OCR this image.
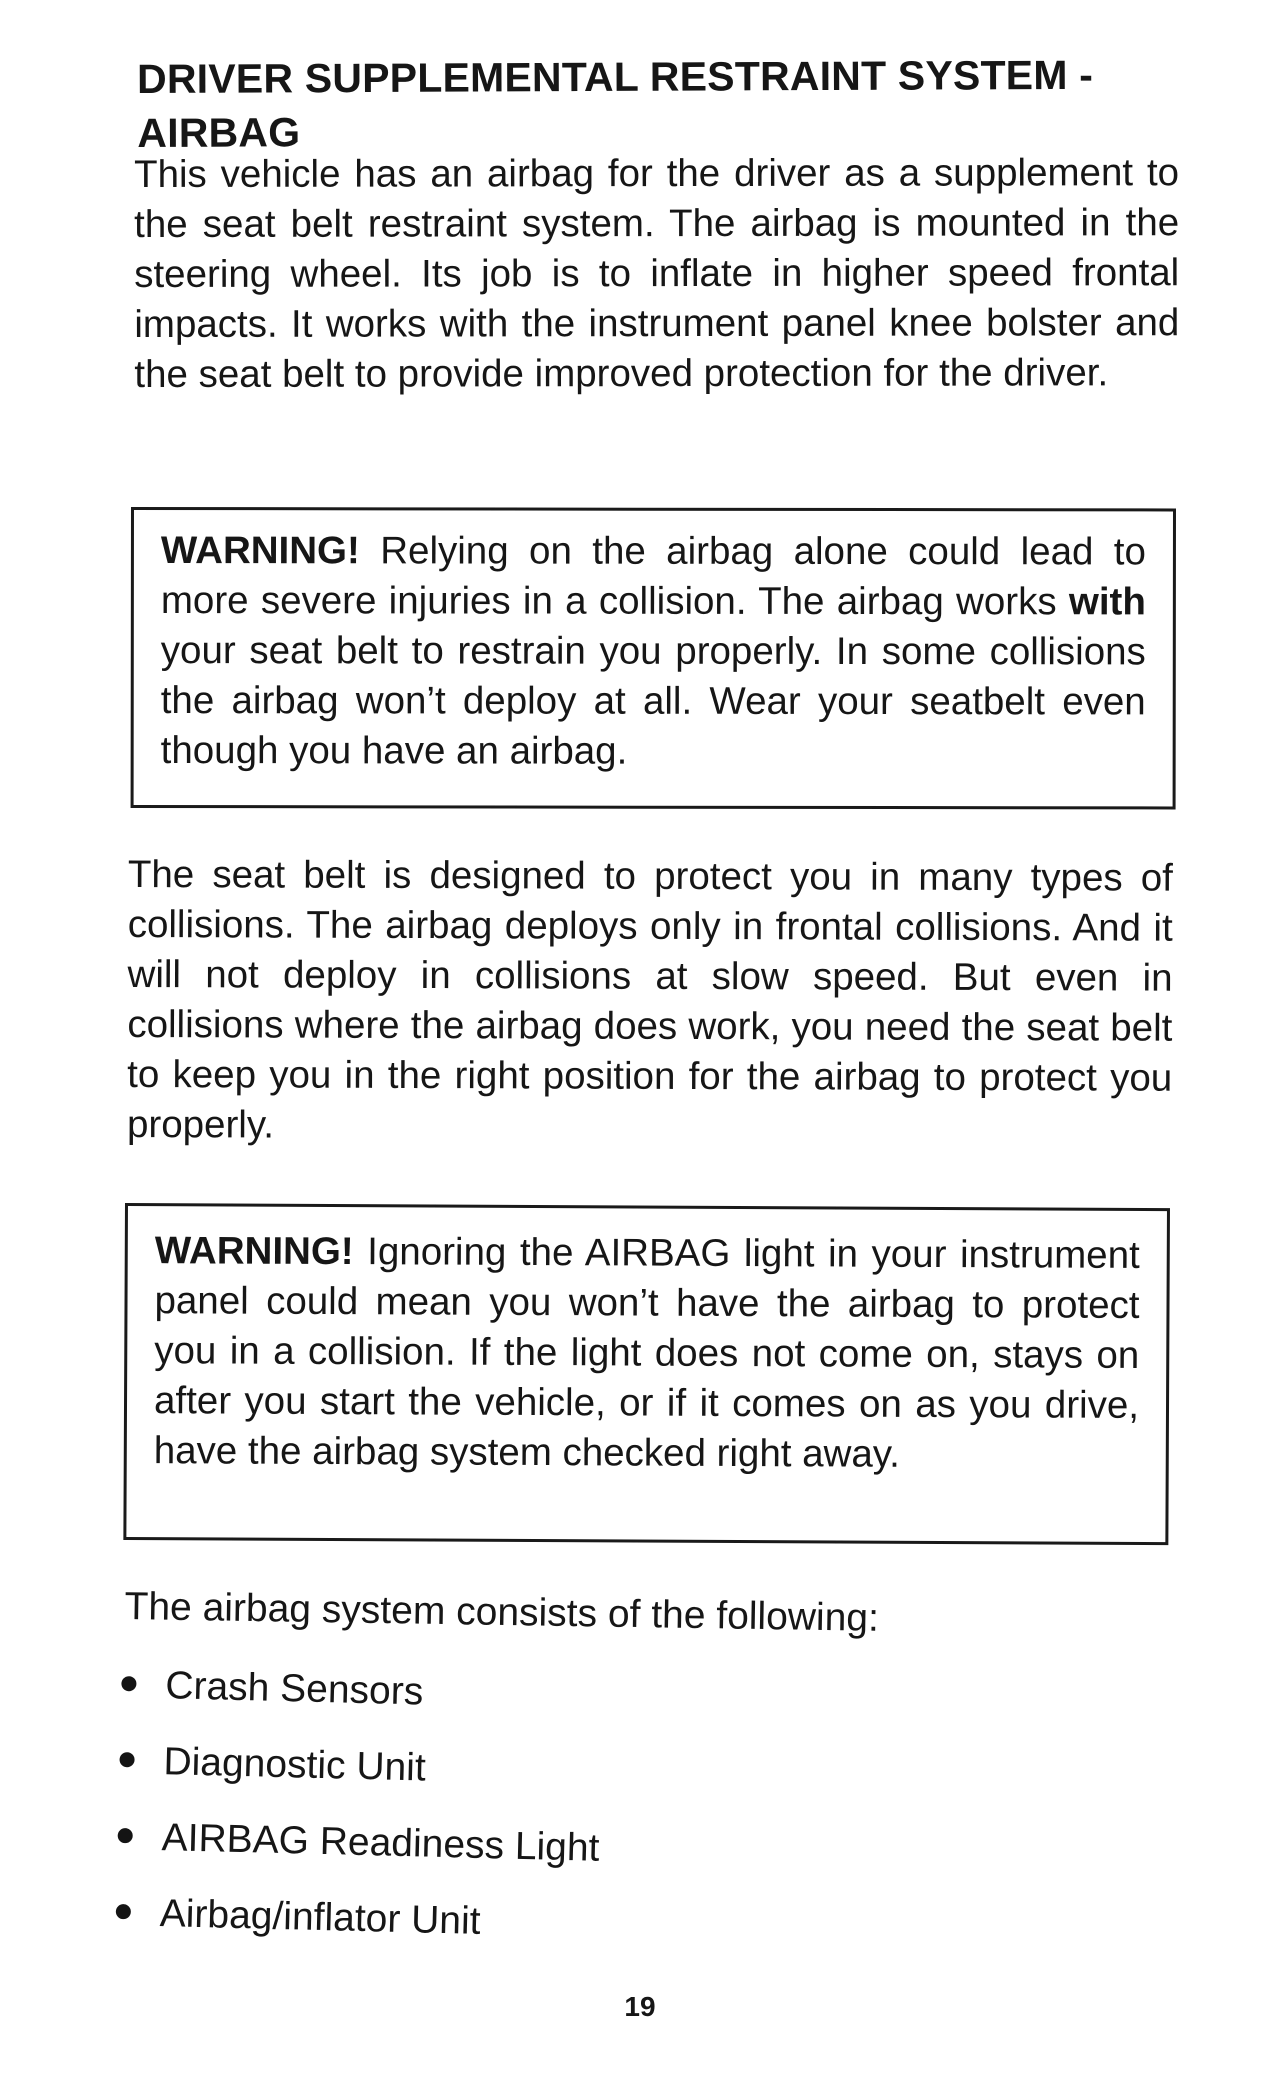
DRIVER SUPPLEMENTAL RESTRAINT SYSTEM - AIRBAG

This vehicle has an airbag for the driver as a supplement to the seat belt restraint system. The airbag is mounted in the steering wheel. Its job is to inflate in higher speed frontal impacts. It works with the instrument panel knee bolster and the seat belt to provide improved protection for the driver.

WARNING! Relying on the airbag alone could lead to more severe injuries in a collision. The airbag works with your seat belt to restrain you properly. In some collisions the airbag won’t deploy at all. Wear your seatbelt even though you have an airbag.

The seat belt is designed to protect you in many types of collisions. The airbag deploys only in frontal collisions. And it will not deploy in collisions at slow speed. But even in collisions where the airbag does work, you need the seat belt to keep you in the right position for the airbag to protect you properly.

WARNING! Ignoring the AIRBAG light in your instrument panel could mean you won’t have the airbag to protect you in a collision. If the light does not come on, stays on after you start the vehicle, or if it comes on as you drive, have the airbag system checked right away.

The airbag system consists of the following:

Crash Sensors
Diagnostic Unit
AIRBAG Readiness Light
Airbag/inflator Unit

19
